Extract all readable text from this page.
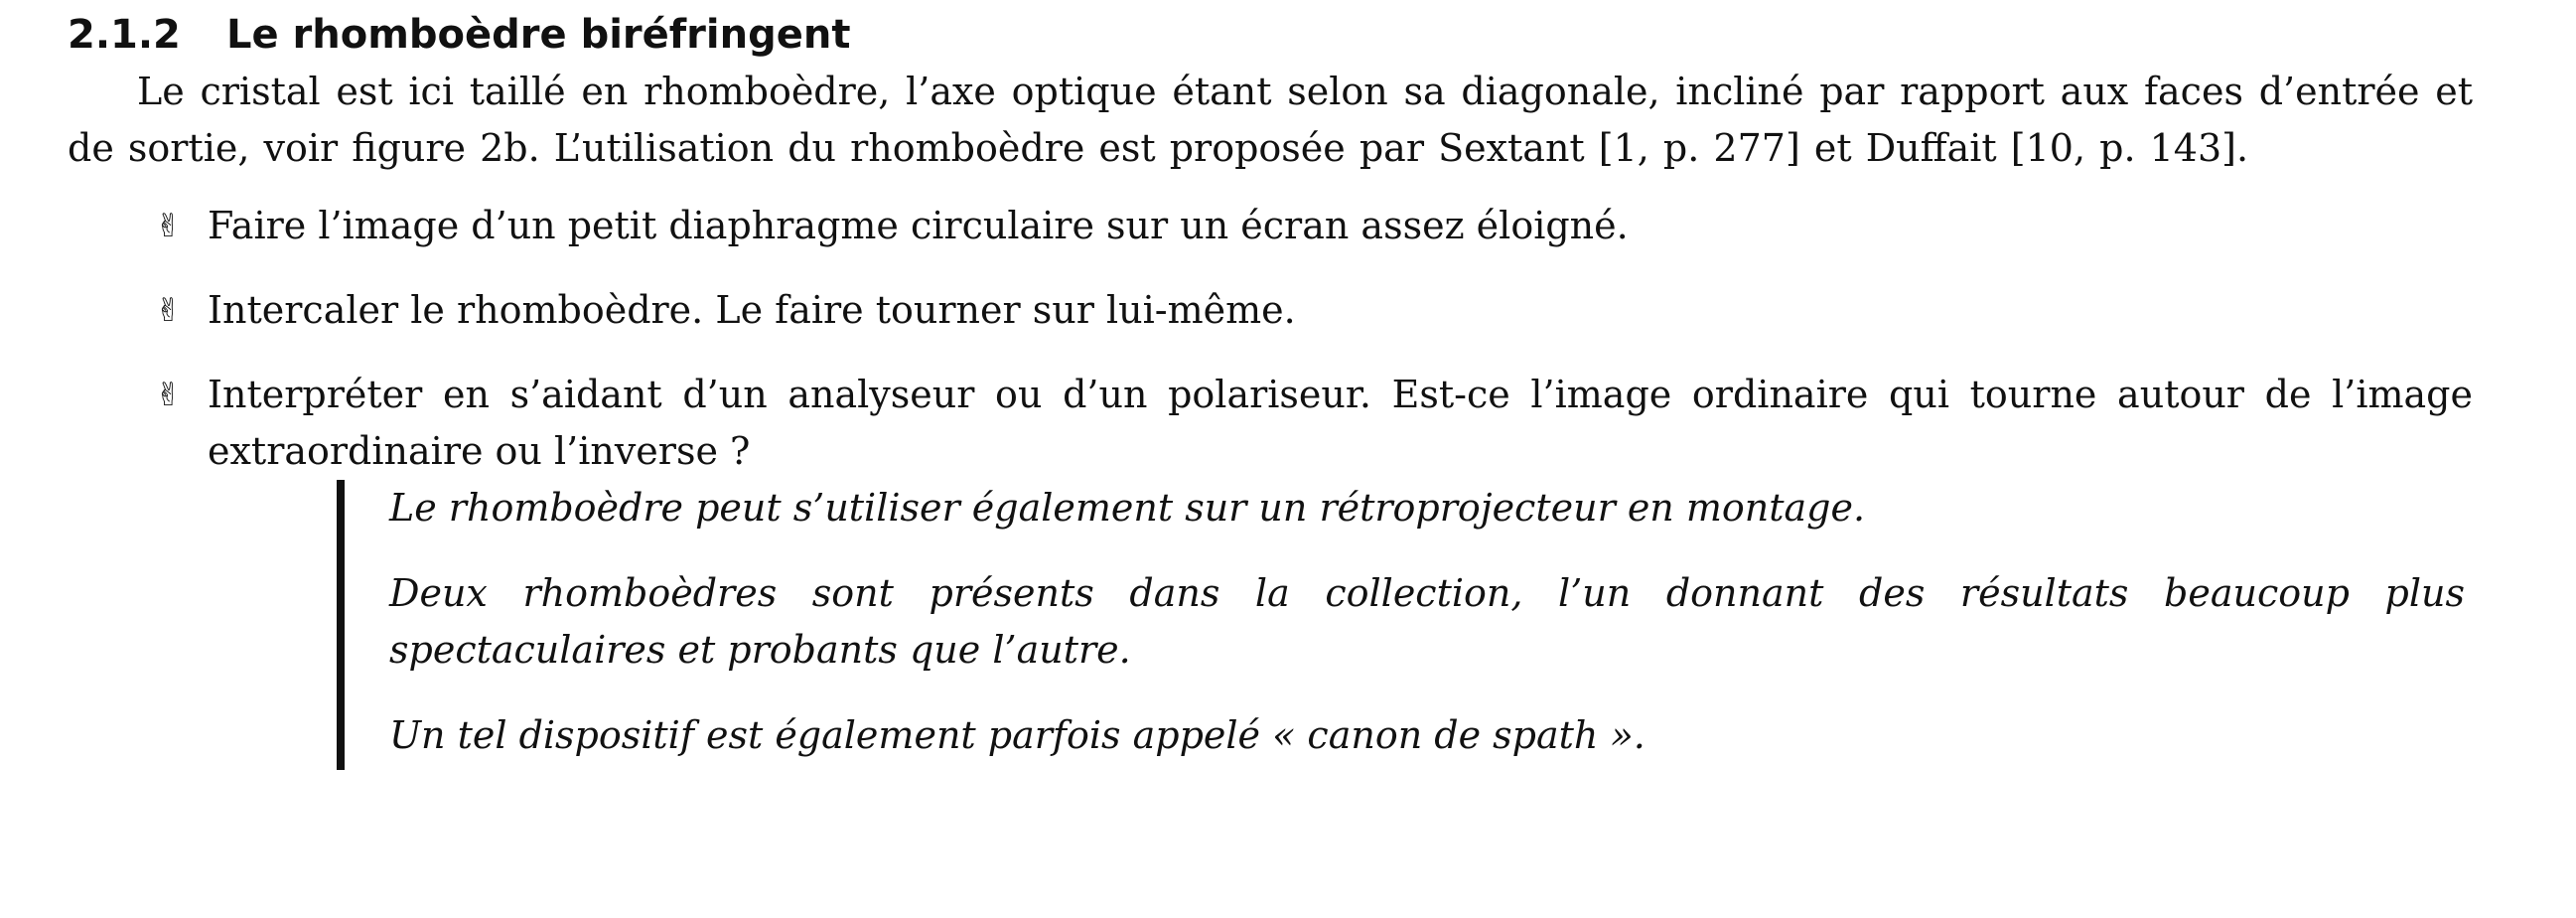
2.1.2 Le rhomboèdre biréfringent

Le cristal est ici taillé en rhomboèdre, l’axe optique étant selon sa diagonale, incliné par rapport aux faces d’entrée et de sortie, voir figure 2b. L’utilisation du rhomboèdre est proposée par Sextant [1, p. 277] et Duffait [10, p. 143].

✌ Faire l’image d’un petit diaphragme circulaire sur un écran assez éloigné.
✌ Intercaler le rhomboèdre. Le faire tourner sur lui-même.
✌ Interpréter en s’aidant d’un analyseur ou d’un polariseur. Est-ce l’image ordinaire qui tourne autour de l’image extraordinaire ou l’inverse ?

Le rhomboèdre peut s’utiliser également sur un rétroprojecteur en montage.

Deux rhomboèdres sont présents dans la collection, l’un donnant des résultats beaucoup plus spectaculaires et probants que l’autre.

Un tel dispositif est également parfois appelé « canon de spath ».
